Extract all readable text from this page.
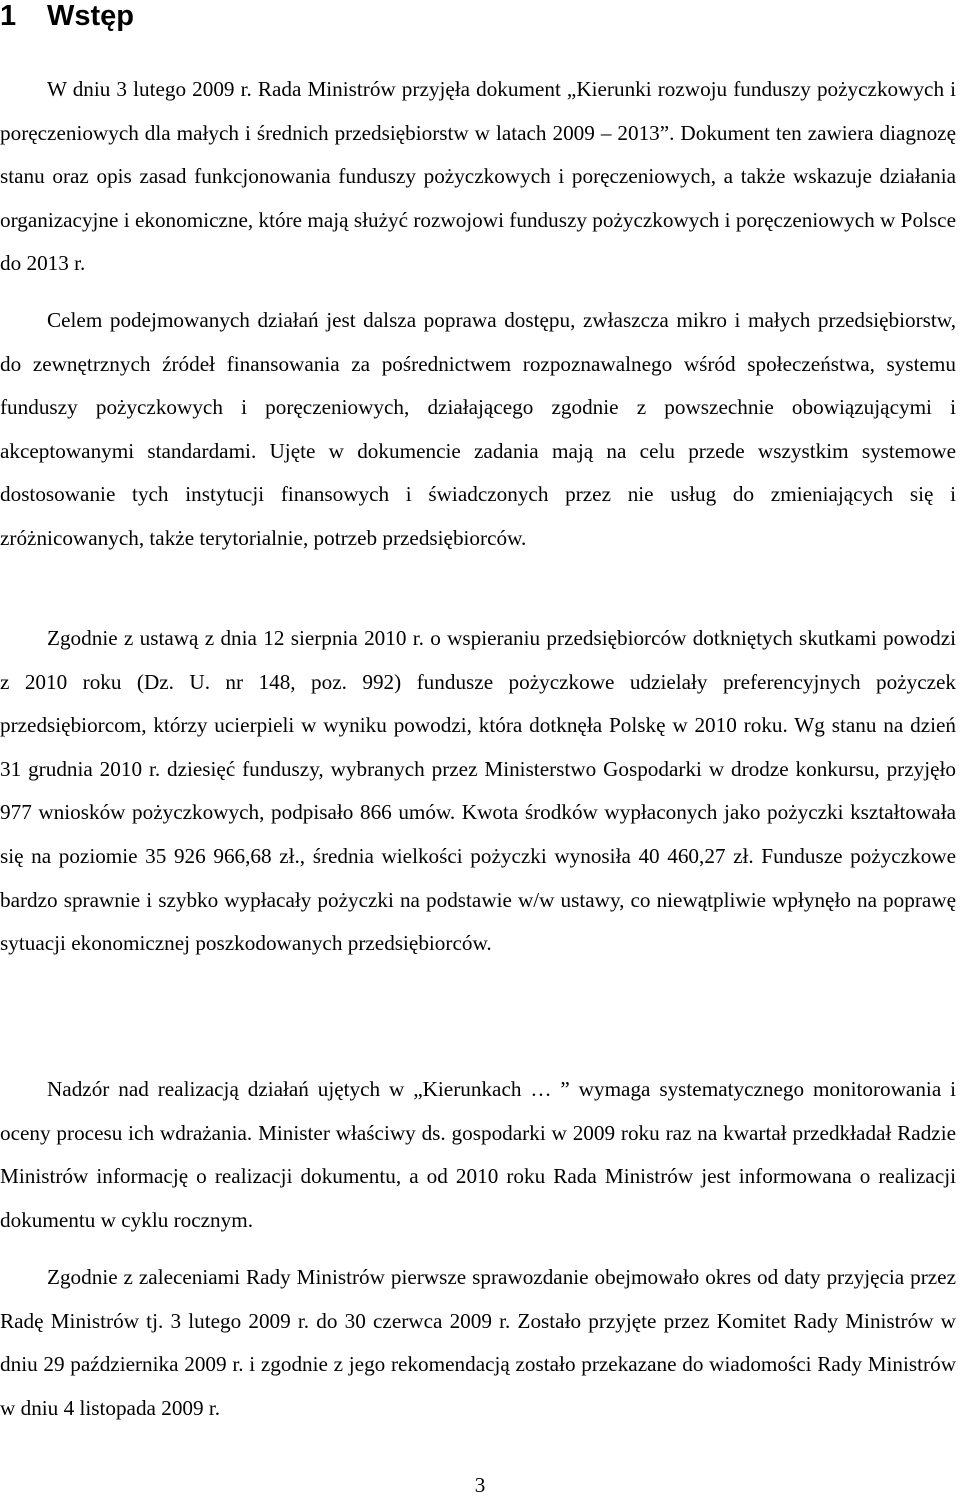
1 Wstęp

W dniu 3 lutego 2009 r. Rada Ministrów przyjęła dokument „Kierunki rozwoju funduszy pożyczkowych i poręczeniowych dla małych i średnich przedsiębiorstw w latach 2009 – 2013”. Dokument ten zawiera diagnozę stanu oraz opis zasad funkcjonowania funduszy pożyczkowych i poręczeniowych, a także wskazuje działania organizacyjne i ekonomiczne, które mają służyć rozwojowi funduszy pożyczkowych i poręczeniowych w Polsce do 2013 r.

Celem podejmowanych działań jest dalsza poprawa dostępu, zwłaszcza mikro i małych przedsiębiorstw, do zewnętrznych źródeł finansowania za pośrednictwem rozpoznawalnego wśród społeczeństwa, systemu funduszy pożyczkowych i poręczeniowych, działającego zgodnie z powszechnie obowiązującymi i akceptowanymi standardami. Ujęte w dokumencie zadania mają na celu przede wszystkim systemowe dostosowanie tych instytucji finansowych i świadczonych przez nie usług do zmieniających się i zróżnicowanych, także terytorialnie, potrzeb przedsiębiorców.

Zgodnie z ustawą z dnia 12 sierpnia 2010 r. o wspieraniu przedsiębiorców dotkniętych skutkami powodzi z 2010 roku (Dz. U. nr 148, poz. 992) fundusze pożyczkowe udzielały preferencyjnych pożyczek przedsiębiorcom, którzy ucierpieli w wyniku powodzi, która dotknęła Polskę w 2010 roku. Wg stanu na dzień 31 grudnia 2010 r. dziesięć funduszy, wybranych przez Ministerstwo Gospodarki w drodze konkursu, przyjęło 977 wniosków pożyczkowych, podpisało 866 umów. Kwota środków wypłaconych jako pożyczki kształtowała się na poziomie 35 926 966,68 zł., średnia wielkości pożyczki wynosiła 40 460,27 zł. Fundusze pożyczkowe bardzo sprawnie i szybko wypłacały pożyczki na podstawie w/w ustawy, co niewątpliwie wpłynęło na poprawę sytuacji ekonomicznej poszkodowanych przedsiębiorców.

Nadzór nad realizacją działań ujętych w „Kierunkach … ” wymaga systematycznego monitorowania i oceny procesu ich wdrażania. Minister właściwy ds. gospodarki w 2009 roku raz na kwartał przedkładał Radzie Ministrów informację o realizacji dokumentu, a od 2010 roku Rada Ministrów jest informowana o realizacji dokumentu w cyklu rocznym.

Zgodnie z zaleceniami Rady Ministrów pierwsze sprawozdanie obejmowało okres od daty przyjęcia przez Radę Ministrów tj. 3 lutego 2009 r. do 30 czerwca 2009 r. Zostało przyjęte przez Komitet Rady Ministrów w dniu 29 października 2009 r. i zgodnie z jego rekomendacją zostało przekazane do wiadomości Rady Ministrów w dniu 4 listopada 2009 r.

3
